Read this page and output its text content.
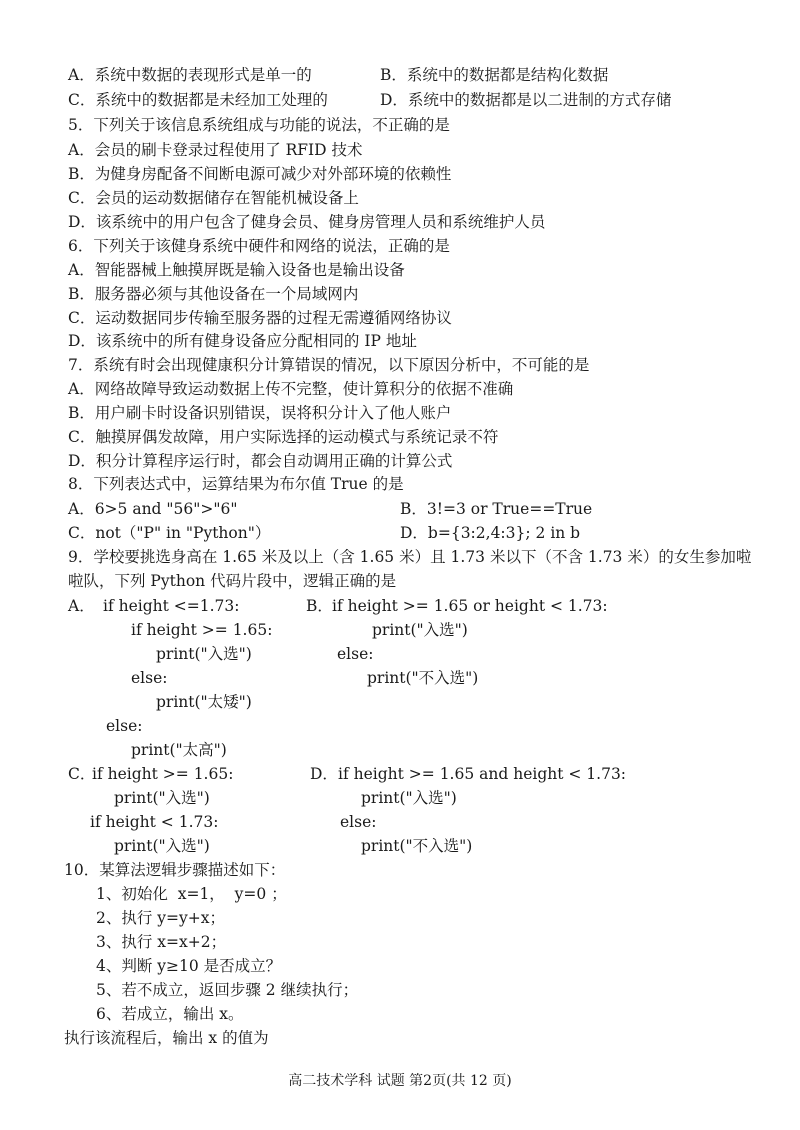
A．系统中数据的表现形式是单一的	B．系统中的数据都是结构化数据
C．系统中的数据都是未经加工处理的	D．系统中的数据都是以二进制的方式存储
5．下列关于该信息系统组成与功能的说法，不正确的是
A．会员的刷卡登录过程使用了 RFID 技术
B．为健身房配备不间断电源可减少对外部环境的依赖性
C．会员的运动数据储存在智能机械设备上
D．该系统中的用户包含了健身会员、健身房管理人员和系统维护人员
6．下列关于该健身系统中硬件和网络的说法，正确的是
A．智能器械上触摸屏既是输入设备也是输出设备
B．服务器必须与其他设备在一个局域网内
C．运动数据同步传输至服务器的过程无需遵循网络协议
D．该系统中的所有健身设备应分配相同的 IP 地址
7．系统有时会出现健康积分计算错误的情况，以下原因分析中，不可能的是
A．网络故障导致运动数据上传不完整，使计算积分的依据不准确
B．用户刷卡时设备识别错误，误将积分计入了他人账户
C．触摸屏偶发故障，用户实际选择的运动模式与系统记录不符
D．积分计算程序运行时，都会自动调用正确的计算公式
8．下列表达式中，运算结果为布尔值 True 的是
A．6>5 and "56">"6"	B．3!=3 or True==True
C．not（"P" in "Python"）	D．b={3:2,4:3}; 2 in b
9．学校要挑选身高在 1.65 米及以上（含 1.65 米）且 1.73 米以下（不含 1.73 米）的女生参加啦
啦队，下列 Python 代码片段中，逻辑正确的是
A． if height <=1.73:
if height >= 1.65:
print("入选")
else:
print("太矮")
else:
print("太高")
B． if height >= 1.65 or height < 1.73:
print("入选")
else:
print("不入选")
C．
if height >= 1.65:
print("入选")
if height < 1.73:
print("入选")
D． if height >= 1.65 and height < 1.73:
print("入选")
else:
print("不入选")
10．某算法逻辑步骤描述如下：
1、初始化  x=1，  y=0 ；
2、执行 y=y+x；
3、执行 x=x+2；
4、判断 y≥10 是否成立？
5、若不成立，返回步骤 2 继续执行；
6、若成立，输出 x。
执行该流程后，输出 x 的值为
高二技术学科 试题 第2页(共 12 页)
